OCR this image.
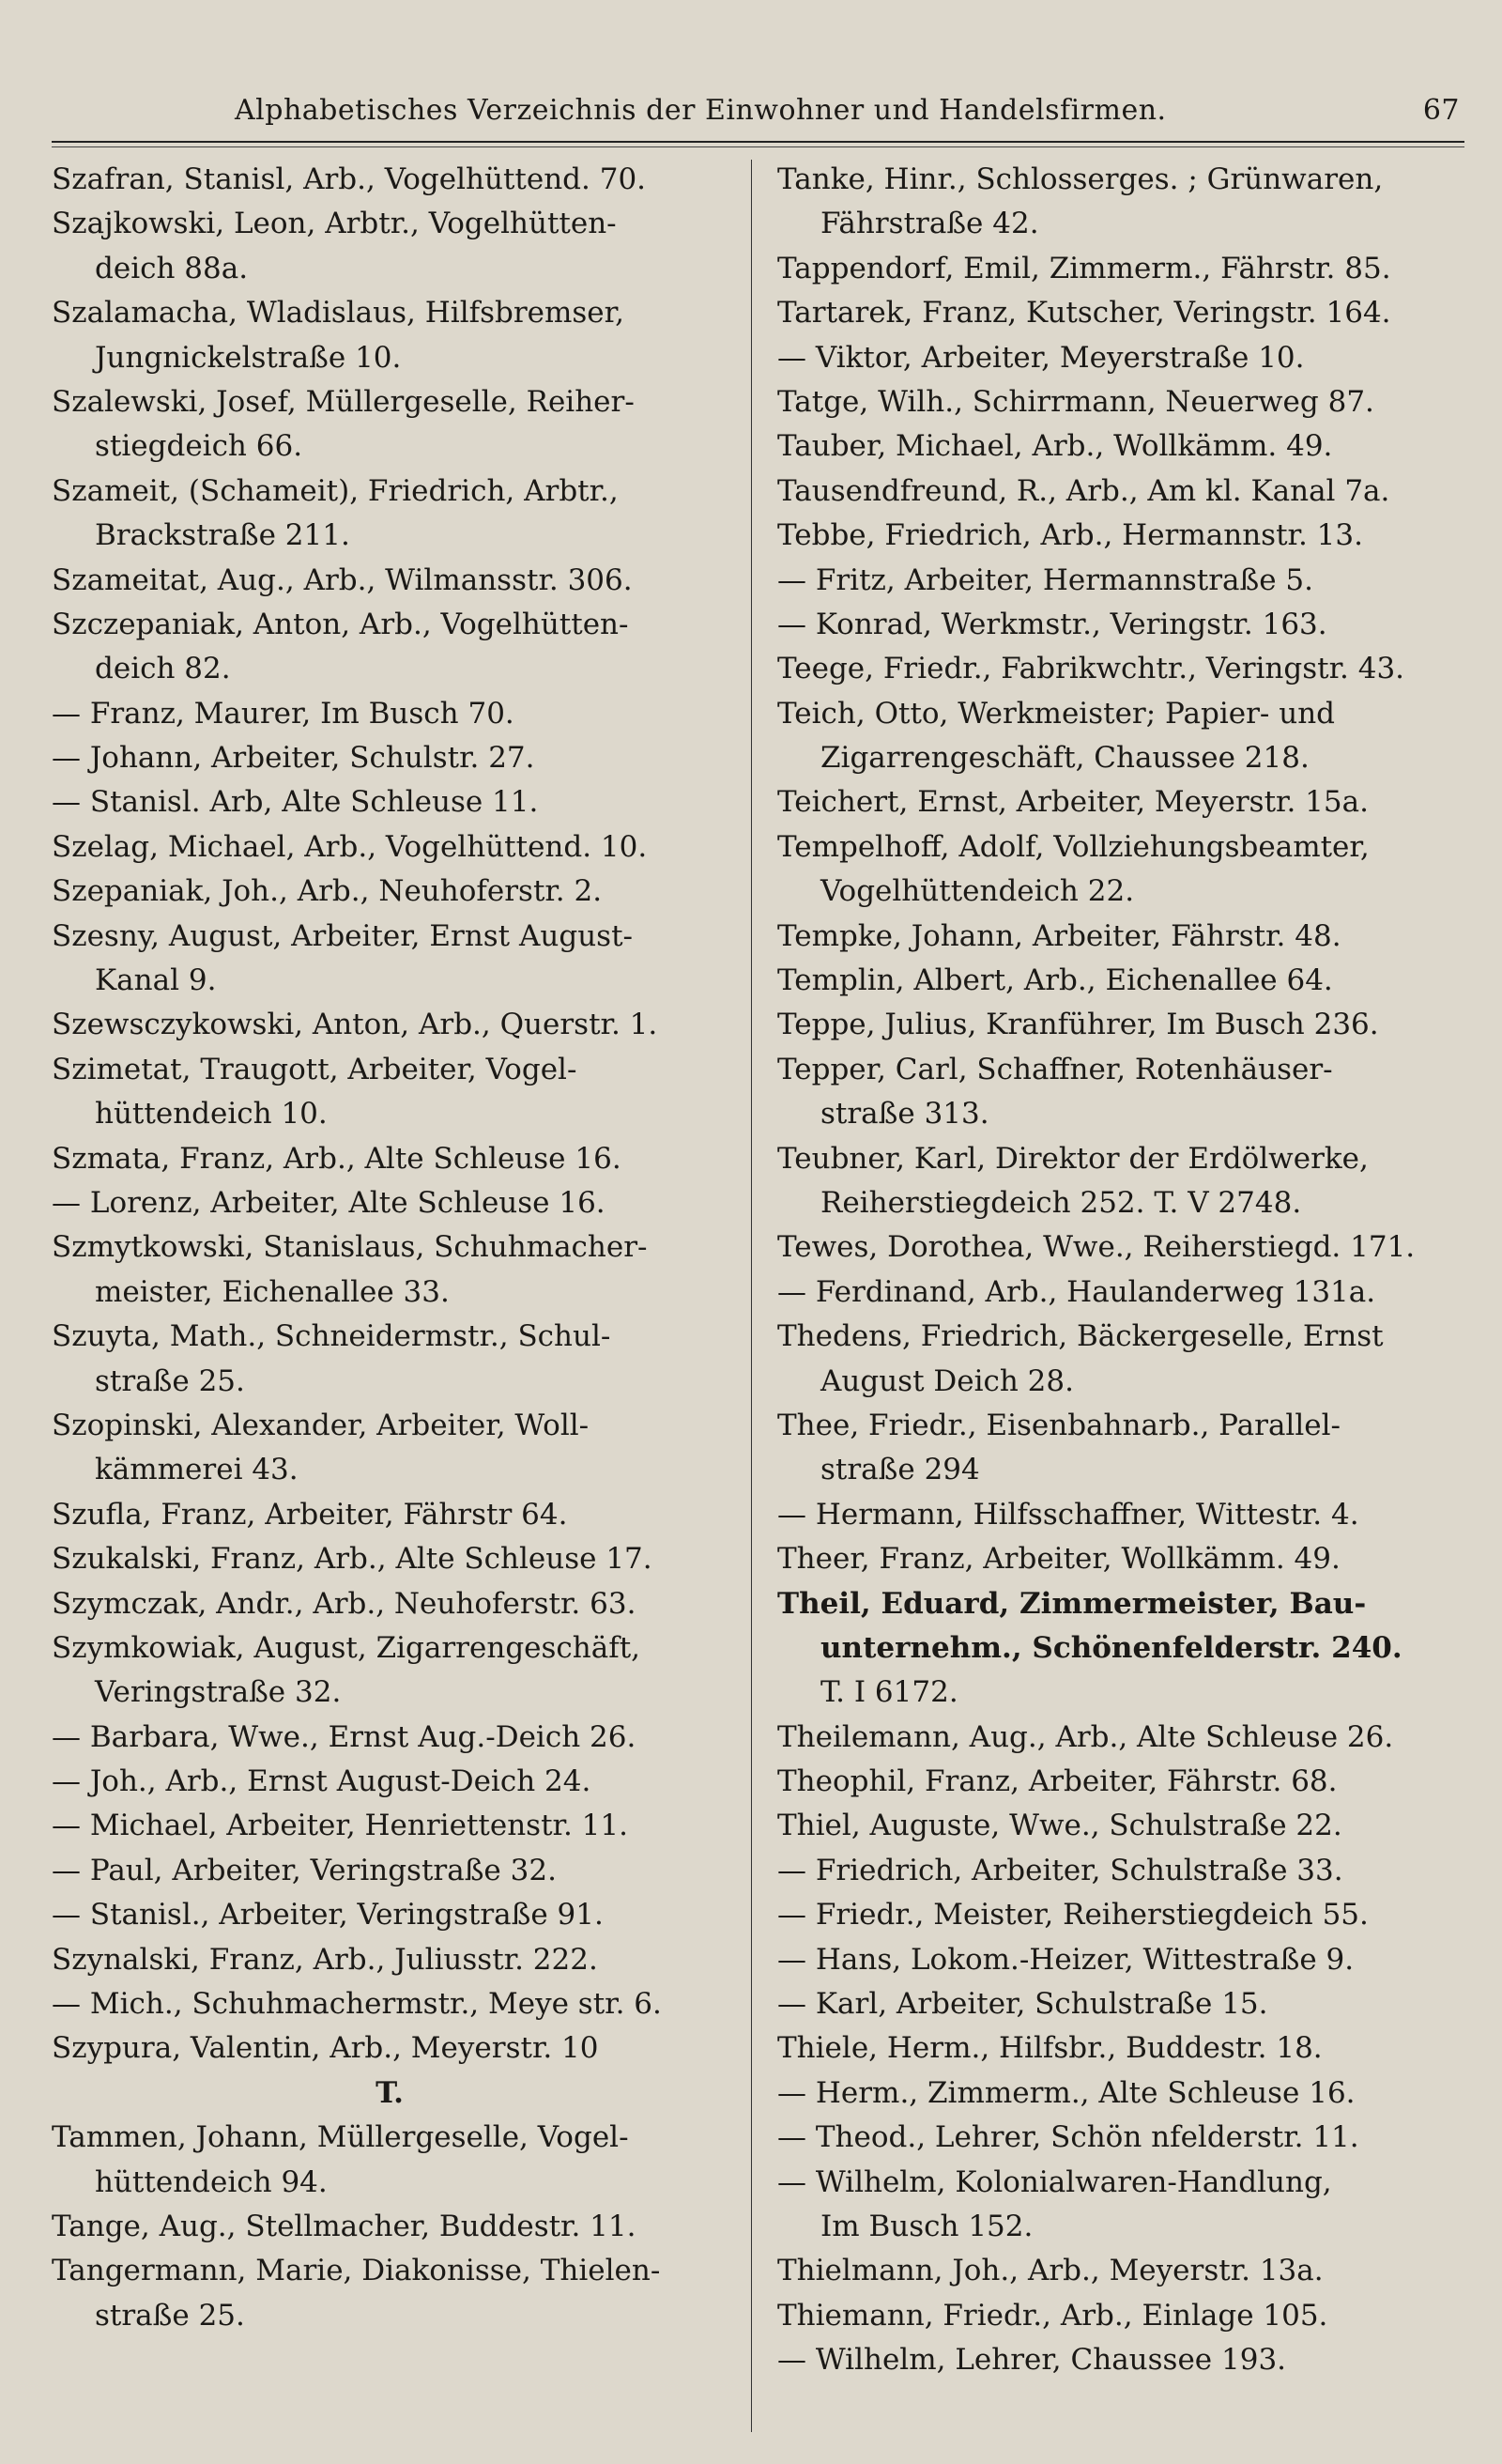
Alphabetisches Verzeichnis der Einwohner und Handelsfirmen.	67
Szafran, Stanisl, Arb., Vogelhüttend. 70.
Szajkowski, Leon, Arbtr., Vogelhütten-
deich 88a.
Szalamacha, Wladislaus, Hilfsbremser,
Jungnickelstraße 10.
Szalewski, Josef, Müllergeselle, Reiher-
stiegdeich 66.
Szameit, (Schameit), Friedrich, Arbtr.,
Brackstraße 211.
Szameitat, Aug., Arb., Wilmansstr. 306.
Szczepaniak, Anton, Arb., Vogelhütten-
deich 82.
— Franz, Maurer, Im Busch 70.
— Johann, Arbeiter, Schulstr. 27.
— Stanisl. Arb, Alte Schleuse 11.
Szelag, Michael, Arb., Vogelhüttend. 10.
Szepaniak, Joh., Arb., Neuhoferstr. 2.
Szesny, August, Arbeiter, Ernst August-
Kanal 9.
Szewsczykowski, Anton, Arb., Querstr. 1.
Szimetat, Traugott, Arbeiter, Vogel-
hüttendeich 10.
Szmata, Franz, Arb., Alte Schleuse 16.
— Lorenz, Arbeiter, Alte Schleuse 16.
Szmytkowski, Stanislaus, Schuhmacher-
meister, Eichenallee 33.
Szuyta, Math., Schneidermstr., Schul-
straße 25.
Szopinski, Alexander, Arbeiter, Woll-
kämmerei 43.
Szufla, Franz, Arbeiter, Fährstr 64.
Szukalski, Franz, Arb., Alte Schleuse 17.
Szymczak, Andr., Arb., Neuhoferstr. 63.
Szymkowiak, August, Zigarrengeschäft,
Veringstraße 32.
— Barbara, Wwe., Ernst Aug.-Deich 26.
— Joh., Arb., Ernst August-Deich 24.
— Michael, Arbeiter, Henriettenstr. 11.
— Paul, Arbeiter, Veringstraße 32.
— Stanisl., Arbeiter, Veringstraße 91.
Szynalski, Franz, Arb., Juliusstr. 222.
— Mich., Schuhmachermstr., Meye str. 6.
Szypura, Valentin, Arb., Meyerstr. 10
T.
Tammen, Johann, Müllergeselle, Vogel-
hüttendeich 94.
Tange, Aug., Stellmacher, Buddestr. 11.
Tangermann, Marie, Diakonisse, Thielen-
straße 25.
Tanke, Hinr., Schlosserges. ; Grünwaren,
Fährstraße 42.
Tappendorf, Emil, Zimmerm., Fährstr. 85.
Tartarek, Franz, Kutscher, Veringstr. 164.
— Viktor, Arbeiter, Meyerstraße 10.
Tatge, Wilh., Schirrmann, Neuerweg 87.
Tauber, Michael, Arb., Wollkämm. 49.
Tausendfreund, R., Arb., Am kl. Kanal 7a.
Tebbe, Friedrich, Arb., Hermannstr. 13.
— Fritz, Arbeiter, Hermannstraße 5.
— Konrad, Werkmstr., Veringstr. 163.
Teege, Friedr., Fabrikwchtr., Veringstr. 43.
Teich, Otto, Werkmeister; Papier- und
Zigarrengeschäft, Chaussee 218.
Teichert, Ernst, Arbeiter, Meyerstr. 15a.
Tempelhoff, Adolf, Vollziehungsbeamter,
Vogelhüttendeich 22.
Tempke, Johann, Arbeiter, Fährstr. 48.
Templin, Albert, Arb., Eichenallee 64.
Teppe, Julius, Kranführer, Im Busch 236.
Tepper, Carl, Schaffner, Rotenhäuser-
straße 313.
Teubner, Karl, Direktor der Erdölwerke,
Reiherstiegdeich 252. T. V 2748.
Tewes, Dorothea, Wwe., Reiherstiegd. 171.
— Ferdinand, Arb., Haulanderweg 131a.
Thedens, Friedrich, Bäckergeselle, Ernst
August Deich 28.
Thee, Friedr., Eisenbahnarb., Parallel-
straße 294
— Hermann, Hilfsschaffner, Wittestr. 4.
Theer, Franz, Arbeiter, Wollkämm. 49.
Theil, Eduard, Zimmermeister, Bau-
unternehm., Schönenfelderstr. 240.
T. I 6172.
Theilemann, Aug., Arb., Alte Schleuse 26.
Theophil, Franz, Arbeiter, Fährstr. 68.
Thiel, Auguste, Wwe., Schulstraße 22.
— Friedrich, Arbeiter, Schulstraße 33.
— Friedr., Meister, Reiherstiegdeich 55.
— Hans, Lokom.-Heizer, Wittestraße 9.
— Karl, Arbeiter, Schulstraße 15.
Thiele, Herm., Hilfsbr., Buddestr. 18.
— Herm., Zimmerm., Alte Schleuse 16.
— Theod., Lehrer, Schön nfelderstr. 11.
— Wilhelm, Kolonialwaren-Handlung,
Im Busch 152.
Thielmann, Joh., Arb., Meyerstr. 13a.
Thiemann, Friedr., Arb., Einlage 105.
— Wilhelm, Lehrer, Chaussee 193.
